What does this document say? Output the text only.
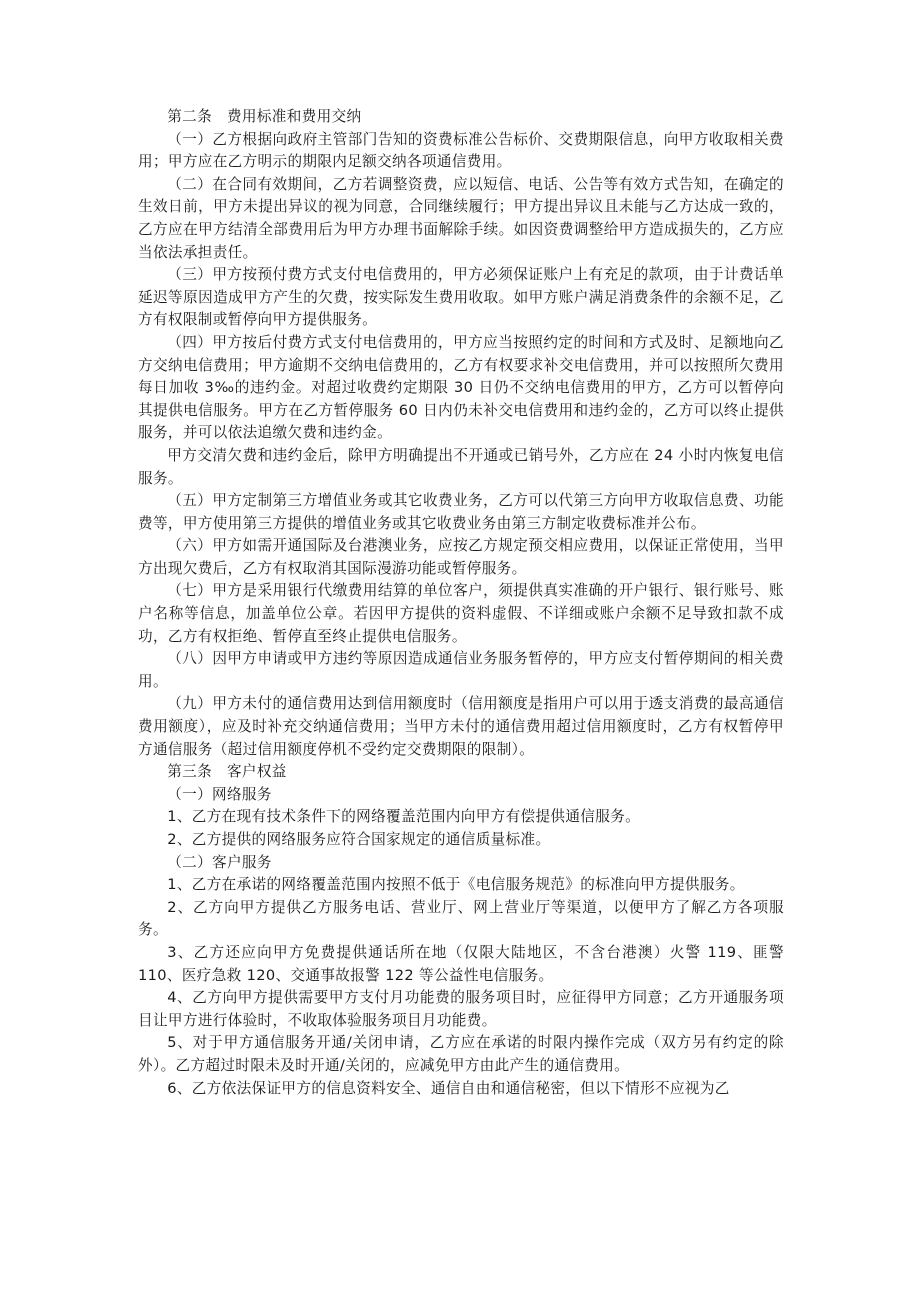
第二条　费用标准和费用交纳

（一）乙方根据向政府主管部门告知的资费标准公告标价、交费期限信息，向甲方收取相关费用；甲方应在乙方明示的期限内足额交纳各项通信费用。

（二）在合同有效期间，乙方若调整资费，应以短信、电话、公告等有效方式告知，在确定的生效日前，甲方未提出异议的视为同意，合同继续履行；甲方提出异议且未能与乙方达成一致的，乙方应在甲方结清全部费用后为甲方办理书面解除手续。如因资费调整给甲方造成损失的，乙方应当依法承担责任。

（三）甲方按预付费方式支付电信费用的，甲方必须保证账户上有充足的款项，由于计费话单延迟等原因造成甲方产生的欠费，按实际发生费用收取。如甲方账户满足消费条件的余额不足，乙方有权限制或暂停向甲方提供服务。

（四）甲方按后付费方式支付电信费用的，甲方应当按照约定的时间和方式及时、足额地向乙方交纳电信费用；甲方逾期不交纳电信费用的，乙方有权要求补交电信费用，并可以按照所欠费用每日加收 3‰的违约金。对超过收费约定期限 30 日仍不交纳电信费用的甲方，乙方可以暂停向其提供电信服务。甲方在乙方暂停服务 60 日内仍未补交电信费用和违约金的，乙方可以终止提供服务，并可以依法追缴欠费和违约金。

甲方交清欠费和违约金后，除甲方明确提出不开通或已销号外，乙方应在 24 小时内恢复电信服务。

（五）甲方定制第三方增值业务或其它收费业务，乙方可以代第三方向甲方收取信息费、功能费等，甲方使用第三方提供的增值业务或其它收费业务由第三方制定收费标准并公布。

（六）甲方如需开通国际及台港澳业务，应按乙方规定预交相应费用，以保证正常使用，当甲方出现欠费后，乙方有权取消其国际漫游功能或暂停服务。

（七）甲方是采用银行代缴费用结算的单位客户，须提供真实准确的开户银行、银行账号、账户名称等信息，加盖单位公章。若因甲方提供的资料虚假、不详细或账户余额不足导致扣款不成功，乙方有权拒绝、暂停直至终止提供电信服务。

（八）因甲方申请或甲方违约等原因造成通信业务服务暂停的，甲方应支付暂停期间的相关费用。

（九）甲方未付的通信费用达到信用额度时（信用额度是指用户可以用于透支消费的最高通信费用额度），应及时补充交纳通信费用；当甲方未付的通信费用超过信用额度时，乙方有权暂停甲方通信服务（超过信用额度停机不受约定交费期限的限制）。

第三条　客户权益

（一）网络服务

1、乙方在现有技术条件下的网络覆盖范围内向甲方有偿提供通信服务。

2、乙方提供的网络服务应符合国家规定的通信质量标准。

（二）客户服务

1、乙方在承诺的网络覆盖范围内按照不低于《电信服务规范》的标准向甲方提供服务。

2、乙方向甲方提供乙方服务电话、营业厅、网上营业厅等渠道，以便甲方了解乙方各项服务。

3、乙方还应向甲方免费提供通话所在地（仅限大陆地区，不含台港澳）火警 119、匪警 110、医疗急救 120、交通事故报警 122 等公益性电信服务。

4、乙方向甲方提供需要甲方支付月功能费的服务项目时，应征得甲方同意；乙方开通服务项目让甲方进行体验时，不收取体验服务项目月功能费。

5、对于甲方通信服务开通/关闭申请，乙方应在承诺的时限内操作完成（双方另有约定的除外）。乙方超过时限未及时开通/关闭的，应减免甲方由此产生的通信费用。

6、乙方依法保证甲方的信息资料安全、通信自由和通信秘密，但以下情形不应视为乙
